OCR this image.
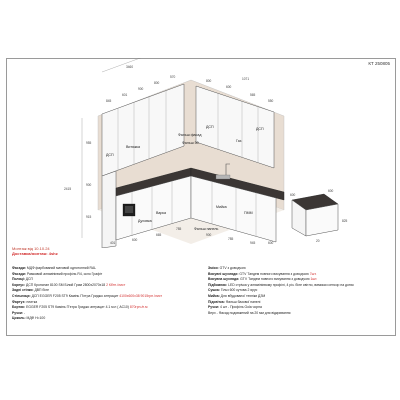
КТ 250805
ДСП
Витяжка
Фальш фасад
Фальш 50
ДСП
Газ
ДСП
Мийка
ПММ
Духовка
Варка
Фальш панель
3460
1071
845
601
900
800
570
800
600
565
550
2415
955
900
915
401
600
665
785
900
785
945	600
600
600
825
20
Монтаж від 10.10.24
Доставка/монтаж: 4shк
Фасади: МДФ фарбований матовий однотонний RAL
Фасади: Рамковий алюмінієвий профіль R4, скло Графіт
Полиці: ДСП
Корпус: ДСП Кронспан 8100 SM Білий Грим 2800х2070х18 2 Кбтн./лист
Задні стінки: ДВП біле
Стільниця: ДСП EGGER F205 ST9 Камінь П'єтра Гриджо антрацит 4100х600х38 9015грн./лист
Фартух: плитка
Бортик: EGGER F205 ST9 Камінь П'єтра Гриджо антрацит 4.1 м.п ( АС10) 870грн./п.м
Ручки: -
Цоколь: МДФ H=100
Зміси: GTV з доводчою
Висувні шухляди: GTV Тандем повного висування з доводчою 7шт.
Висувна шухляда: GTV Тандем повного висування з доводчою 1шт.
Підйомник: LED стрічка у алюмінієвому профілі, 4 різ. біле світло, вимикач сенсор на дотик
Сушка: Гільз 600 кутова 2 ярус
Мийка: Для вбудованої техніки ДЗМ
Підсвітка: Фальш базової панелі
Ручки: 4 шт - Профіль Gola чорна
Верх - Фасад подовжений на 20 мм для відкривання
